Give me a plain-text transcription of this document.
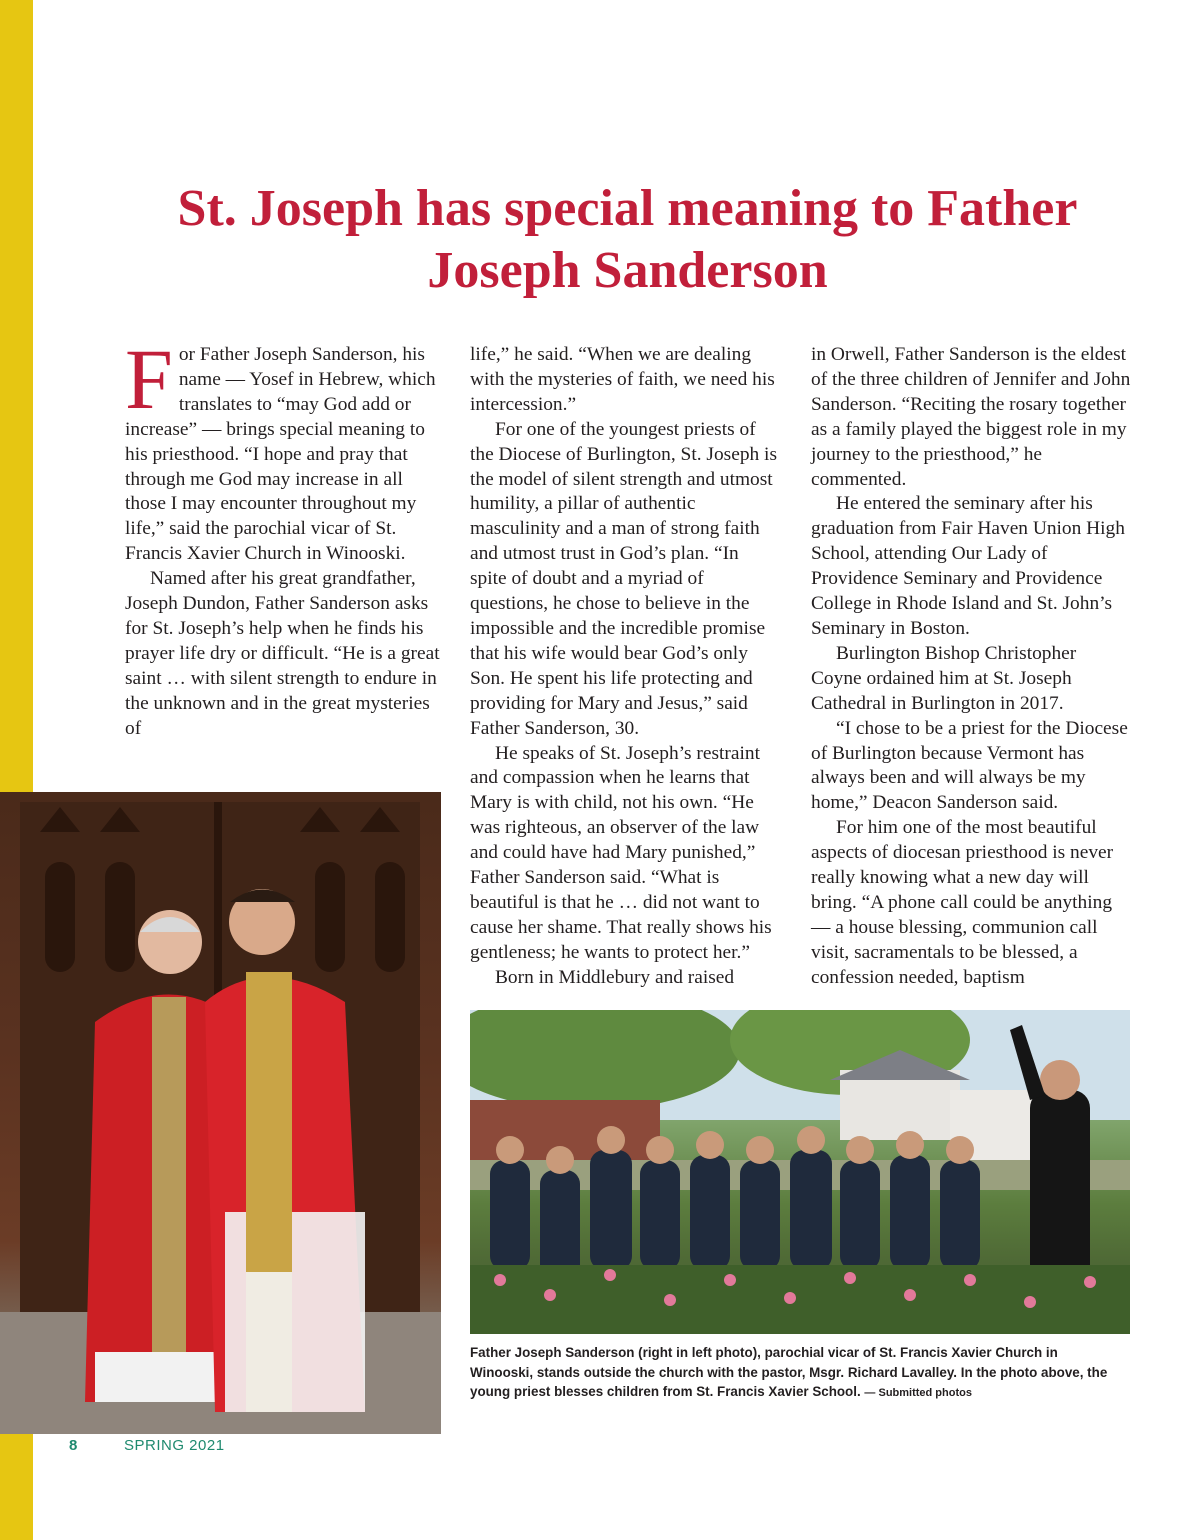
St. Joseph has special meaning to Father Joseph Sanderson

For Father Joseph Sanderson, his name — Yosef in Hebrew, which translates to “may God add or increase” — brings special meaning to his priesthood. “I hope and pray that through me God may increase in all those I may encounter throughout my life,” said the parochial vicar of St. Francis Xavier Church in Winooski.

Named after his great grandfather, Joseph Dundon, Father Sanderson asks for St. Joseph’s help when he finds his prayer life dry or difficult. “He is a great saint … with silent strength to endure in the unknown and in the great mysteries of

life,” he said. “When we are dealing with the mysteries of faith, we need his intercession.”

For one of the youngest priests of the Diocese of Burlington, St. Joseph is the model of silent strength and utmost humility, a pillar of authentic masculinity and a man of strong faith and utmost trust in God’s plan. “In spite of doubt and a myriad of questions, he chose to believe in the impossible and the incredible promise that his wife would bear God’s only Son. He spent his life protecting and providing for Mary and Jesus,” said Father Sanderson, 30.

He speaks of St. Joseph’s restraint and compassion when he learns that Mary is with child, not his own. “He was righteous, an observer of the law and could have had Mary punished,” Father Sanderson said. “What is beautiful is that he … did not want to cause her shame. That really shows his gentleness; he wants to protect her.”

Born in Middlebury and raised

in Orwell, Father Sanderson is the eldest of the three children of Jennifer and John Sanderson. “Reciting the rosary together as a family played the biggest role in my journey to the priesthood,” he commented.

He entered the seminary after his graduation from Fair Haven Union High School, attending Our Lady of Providence Seminary and Providence College in Rhode Island and St. John’s Seminary in Boston.

Burlington Bishop Christopher Coyne ordained him at St. Joseph Cathedral in Burlington in 2017.

“I chose to be a priest for the Diocese of Burlington because Vermont has always been and will always be my home,” Deacon Sanderson said.

For him one of the most beautiful aspects of diocesan priesthood is never really knowing what a new day will bring. “A phone call could be anything — a house blessing, communion call visit, sacramentals to be blessed, a confession needed, baptism

Father Joseph Sanderson (right in left photo), parochial vicar of St. Francis Xavier Church in Winooski, stands outside the church with the pastor, Msgr. Richard Lavalley. In the photo above, the young priest blesses children from St. Francis Xavier School. — Submitted photos
8	SPRING 2021
